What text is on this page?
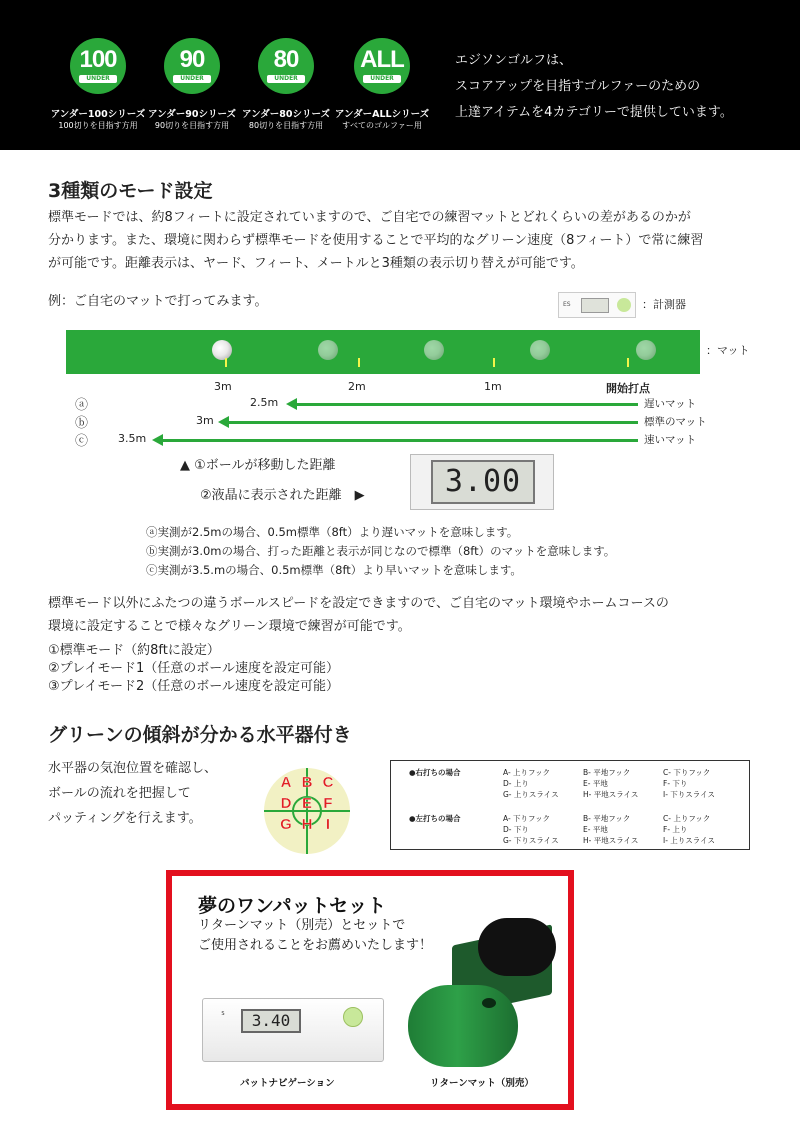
100
UNDER
90
UNDER
80
UNDER
ALL
UNDER
アンダー100シリーズ
100切りを目指す方用
アンダー90シリーズ
90切りを目指す方用
アンダー80シリーズ
80切りを目指す方用
アンダーALLシリーズ
すべてのゴルファー用
エジソンゴルフは、
スコアアップを目指すゴルファーのための
上達アイテムを4カテゴリーで提供しています。
3種類のモード設定
標準モードでは、約8フィートに設定されていますので、ご自宅での練習マットとどれくらいの差があるのかが
分かります。また、環境に関わらず標準モードを使用することで平均的なグリーン速度（8フィート）で常に練習
が可能です。距離表示は、ヤード、フィート、メートルと3種類の表示切り替えが可能です。
例：ご自宅のマットで打ってみます。	ES	：計測器
：マット
3m	2m	1m	開始打点
ⓐ	2.5m	遅いマット
ⓑ	3m	標準のマット
ⓒ	3.5m	速いマット
▲ ①ボールが移動した距離
②液晶に表示された距離　▶	3.00
ⓐ実測が2.5mの場合、0.5m標準（8ft）より遅いマットを意味します。
ⓑ実測が3.0mの場合、打った距離と表示が同じなので標準（8ft）のマットを意味します。
ⓒ実測が3.5.mの場合、0.5m標準（8ft）より早いマットを意味します。
標準モード以外にふたつの違うボールスピードを設定できますので、ご自宅のマット環境やホームコースの
環境に設定することで様々なグリーン環境で練習が可能です。
①標準モード（約8ftに設定）
②プレイモード1（任意のボール速度を設定可能）
③プレイモード2（任意のボール速度を設定可能）
グリーンの傾斜が分かる水平器付き
水平器の気泡位置を確認し、
ボールの流れを把握して
パッティングを行えます。
A B C
D E F
G H I
●右打ちの場合	A- 上りフック	B- 平地フック	C- 下りフック
D- 上り	E- 平地	F- 下り
G- 上りスライス	H- 平地スライス	I- 下りスライス
●左打ちの場合	A- 下りフック	B- 平地フック	C- 上りフック
D- 下り	E- 平地	F- 上り
G- 下りスライス	H- 平地スライス	I- 上りスライス
夢のワンパットセット
リターンマット（別売）とセットで
ご使用されることをお薦めいたします！
S	3.40
パットナビゲーション	リターンマット（別売）
